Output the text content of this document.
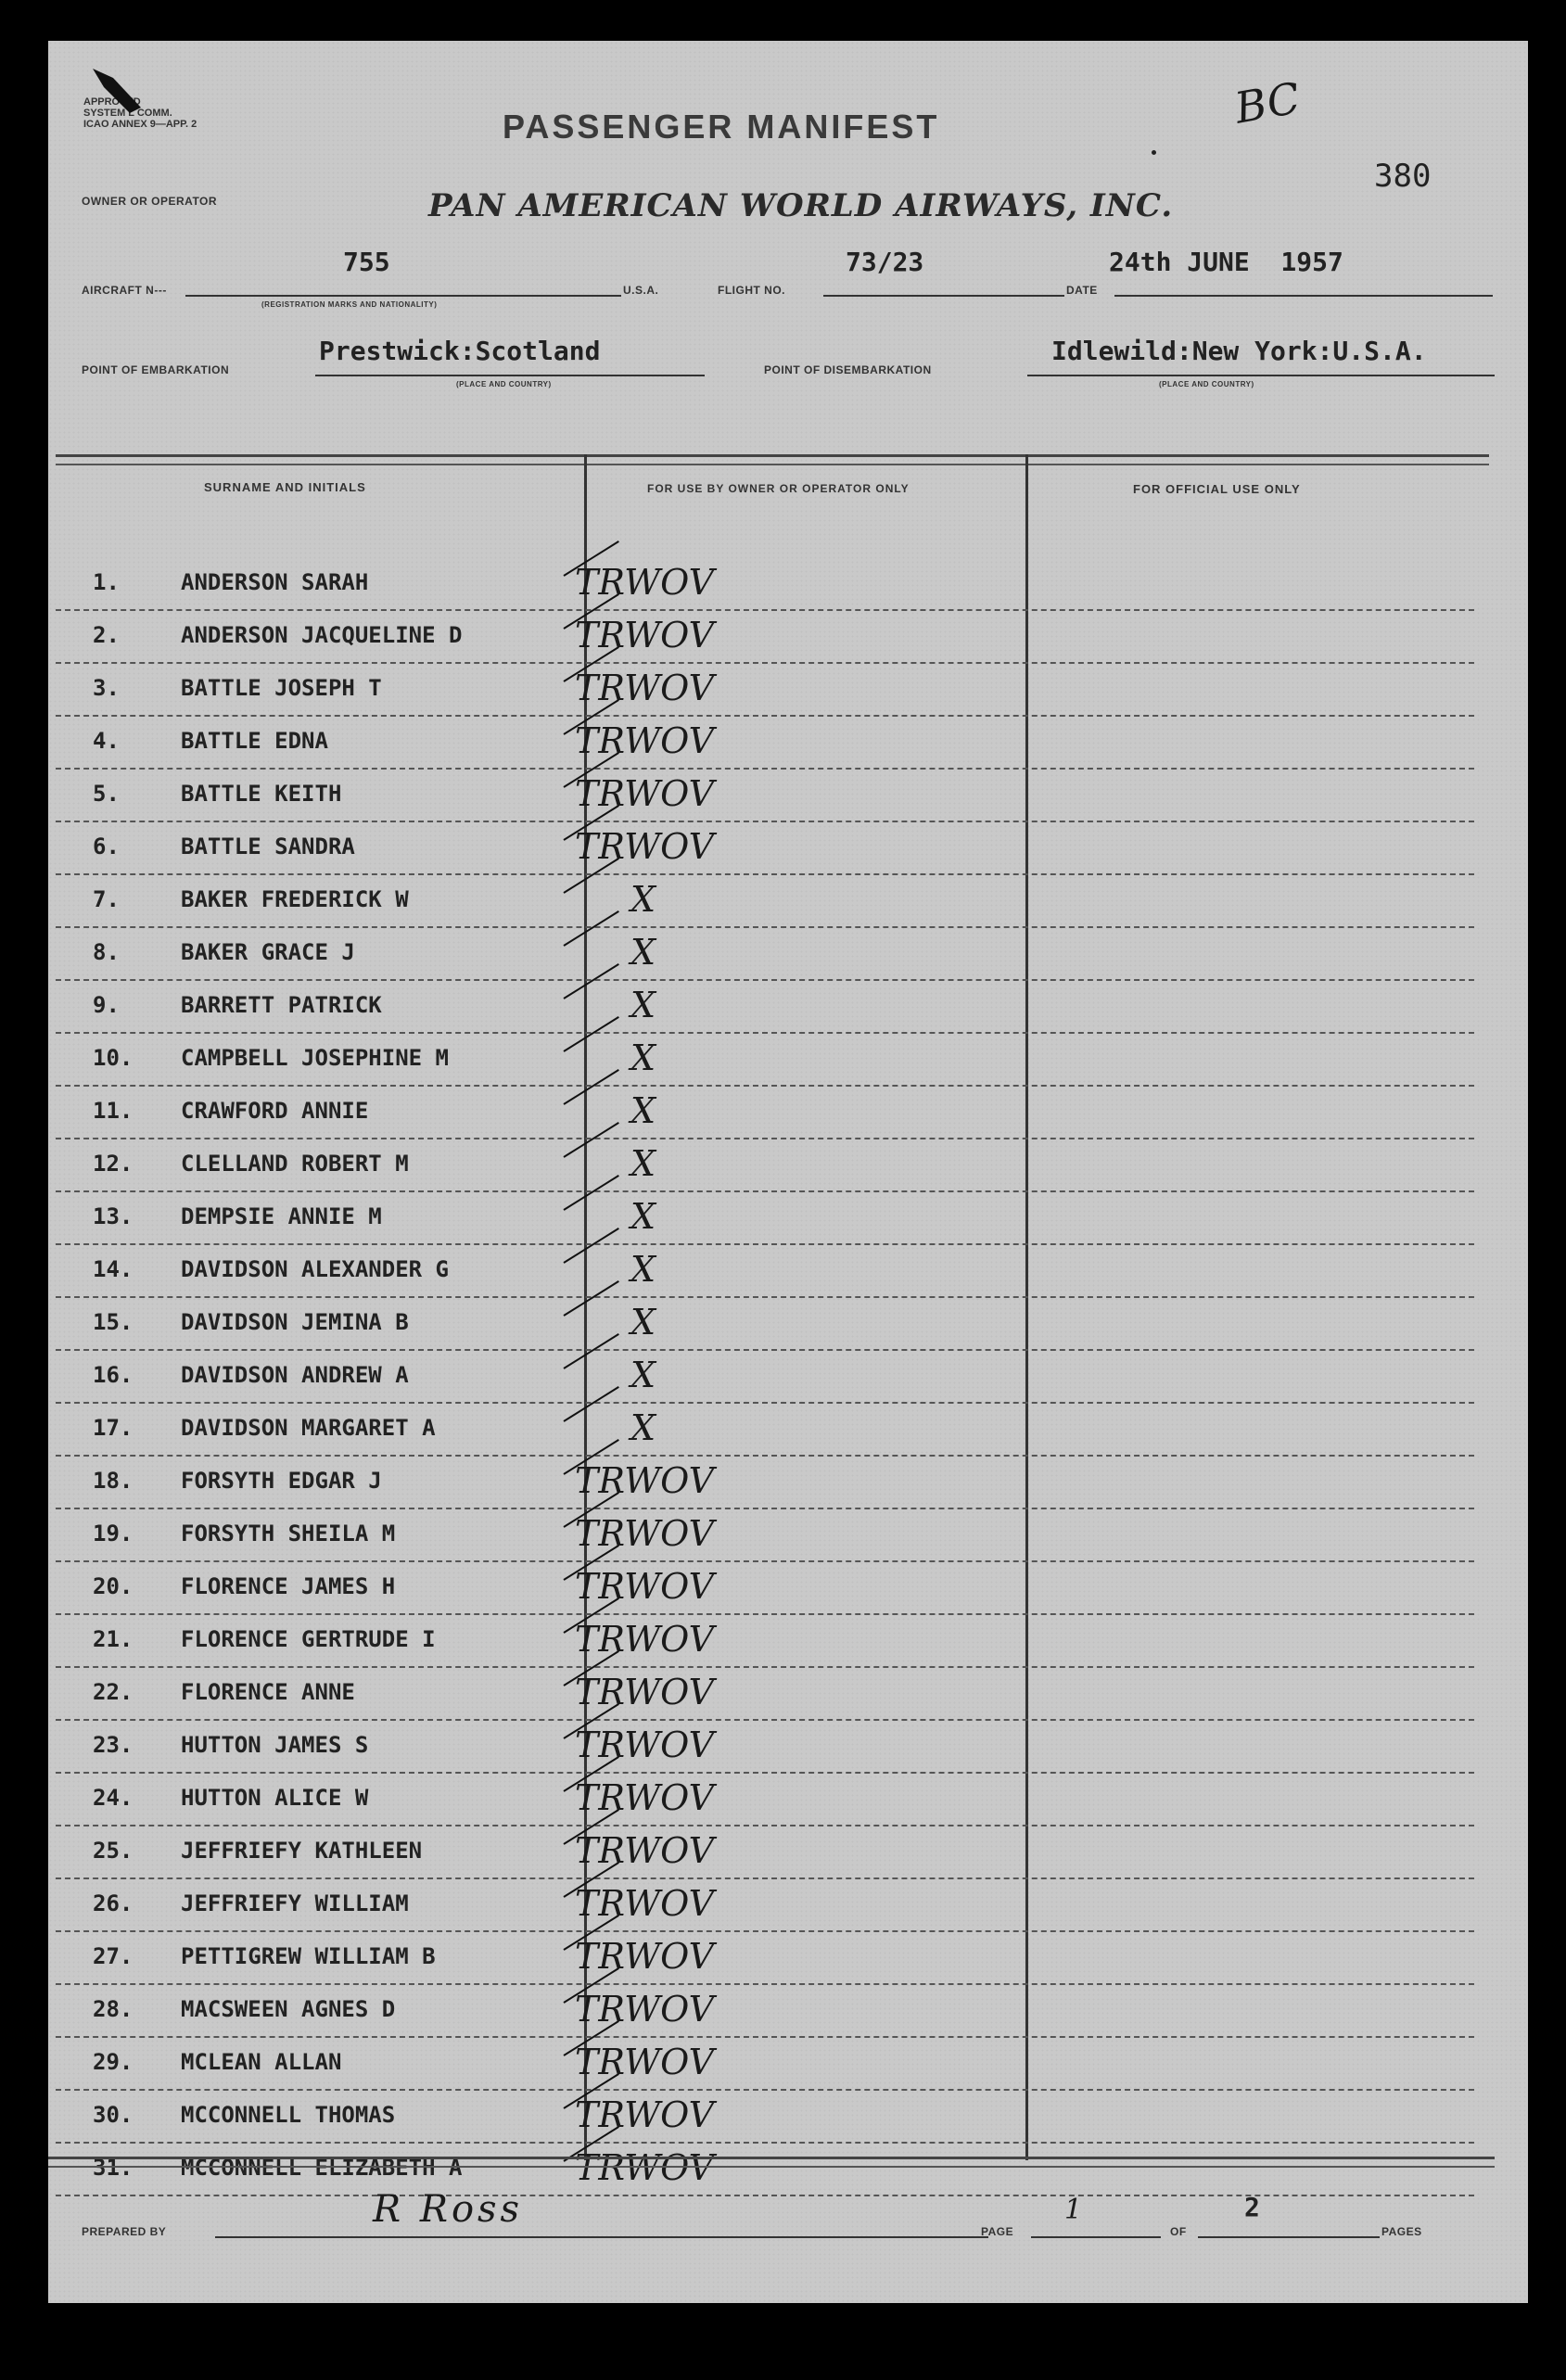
APPROVED
SYSTEM L COMM.
ICAO ANNEX 9—APP. 2	PASSENGER MANIFEST	BC
380
OWNER OR OPERATOR	PAN AMERICAN WORLD AIRWAYS, INC.
AIRCRAFT N---
755
(REGISTRATION MARKS AND NATIONALITY)
U.S.A.	FLIGHT NO.
73/23
DATE
24th JUNE  1957
POINT OF EMBARKATION
Prestwick:Scotland
(PLACE AND COUNTRY)
POINT OF DISEMBARKATION
Idlewild:New York:U.S.A.
(PLACE AND COUNTRY)
SURNAME AND INITIALS	FOR USE BY OWNER OR OPERATOR ONLY	FOR OFFICIAL USE ONLY
1.	ANDERSON SARAH	TRWOV
2.	ANDERSON JACQUELINE D	TRWOV
3.	BATTLE JOSEPH T	TRWOV
4.	BATTLE EDNA	TRWOV
5.	BATTLE KEITH	TRWOV
6.	BATTLE SANDRA	TRWOV
7.	BAKER FREDERICK W	X
8.	BAKER GRACE J	X
9.	BARRETT PATRICK	X
10.	CAMPBELL JOSEPHINE M	X
11.	CRAWFORD ANNIE	X
12.	CLELLAND ROBERT M	X
13.	DEMPSIE ANNIE M	X
14.	DAVIDSON ALEXANDER G	X
15.	DAVIDSON JEMINA B	X
16.	DAVIDSON ANDREW A	X
17.	DAVIDSON MARGARET A	X
18.	FORSYTH EDGAR J	TRWOV
19.	FORSYTH SHEILA M	TRWOV
20.	FLORENCE JAMES H	TRWOV
21.	FLORENCE GERTRUDE I	TRWOV
22.	FLORENCE ANNE	TRWOV
23.	HUTTON JAMES S	TRWOV
24.	HUTTON ALICE W	TRWOV
25.	JEFFRIEFY KATHLEEN	TRWOV
26.	JEFFRIEFY WILLIAM	TRWOV
27.	PETTIGREW WILLIAM B	TRWOV
28.	MACSWEEN AGNES D	TRWOV
29.	MCLEAN ALLAN	TRWOV
30.	MCCONNELL THOMAS	TRWOV
31.	MCCONNELL ELIZABETH A	TRWOV
PREPARED BY
R Ross
PAGE
1
OF
2
PAGES
